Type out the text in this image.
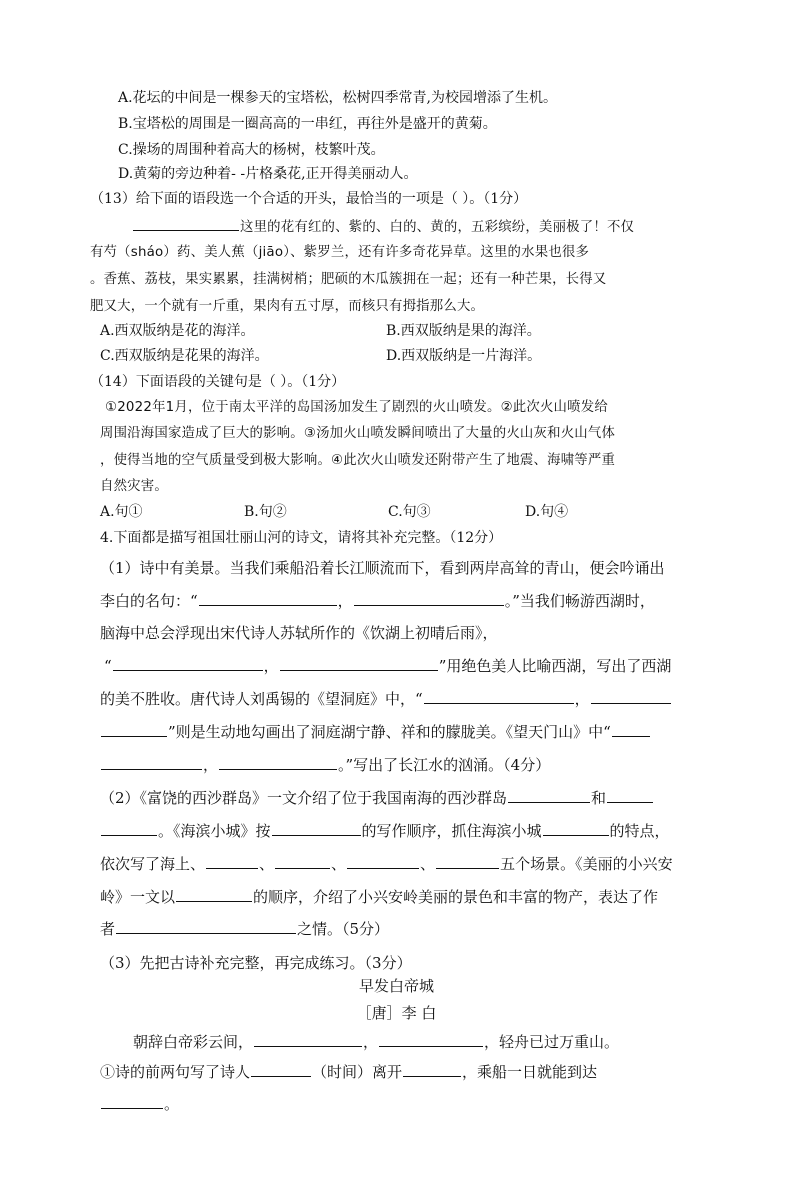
A.花坛的中间是一棵参天的宝塔松，松树四季常青,为校园增添了生机。
B.宝塔松的周围是一圈高高的一串红，再往外是盛开的黄菊。
C.操场的周围种着高大的杨树，枝繁叶茂。
D.黄菊的旁边种着- -片格桑花,正开得美丽动人。
（13）给下面的语段选一个合适的开头，最恰当的一项是（ ）。（1分）
这里的花有红的、紫的、白的、黄的，五彩缤纷，美丽极了！不仅
有芍（sháo）药、美人蕉（jiāo）、紫罗兰，还有许多奇花异草。这里的水果也很多
。香蕉、荔枝，果实累累，挂满树梢；肥硕的木瓜簇拥在一起；还有一种芒果，长得又
肥又大，一个就有一斤重，果肉有五寸厚，而核只有拇指那么大。
A.西双版纳是花的海洋。	B.西双版纳是果的海洋。
C.西双版纳是花果的海洋。	D.西双版纳是一片海洋。
（14）下面语段的关键句是（ ）。（1分）
①2022年1月，位于南太平洋的岛国汤加发生了剧烈的火山喷发。②此次火山喷发给
周围沿海国家造成了巨大的影响。③汤加火山喷发瞬间喷出了大量的火山灰和火山气体
，使得当地的空气质量受到极大影响。④此次火山喷发还附带产生了地震、海啸等严重
自然灾害。
A.句①	B.句②	C.句③	D.句④
4.下面都是描写祖国壮丽山河的诗文，请将其补充完整。（12分）
（1）诗中有美景。当我们乘船沿着长江顺流而下，看到两岸高耸的青山，便会吟诵出
李白的名句：“	，	。”当我们畅游西湖时，
脑海中总会浮现出宋代诗人苏轼所作的《饮湖上初晴后雨》，
“	，	”用绝色美人比喻西湖，写出了西湖
的美不胜收。唐代诗人刘禹锡的《望洞庭》中，“	，
”则是生动地勾画出了洞庭湖宁静、祥和的朦胧美。《望天门山》中“
，	。”写出了长江水的汹涌。（4分）
（2）《富饶的西沙群岛》一文介绍了位于我国南海的西沙群岛	和
。《海滨小城》按	的写作顺序，抓住海滨小城	的特点，
依次写了海上、	、	、	、	五个场景。《美丽的小兴安
岭》一文以	的顺序，介绍了小兴安岭美丽的景色和丰富的物产，表达了作
者	之情。（5分）
（3）先把古诗补充完整，再完成练习。（3分）
早发白帝城
［唐］李 白
朝辞白帝彩云间，	，	，轻舟已过万重山。
①诗的前两句写了诗人	（时间）离开	，乘船一日就能到达
。
